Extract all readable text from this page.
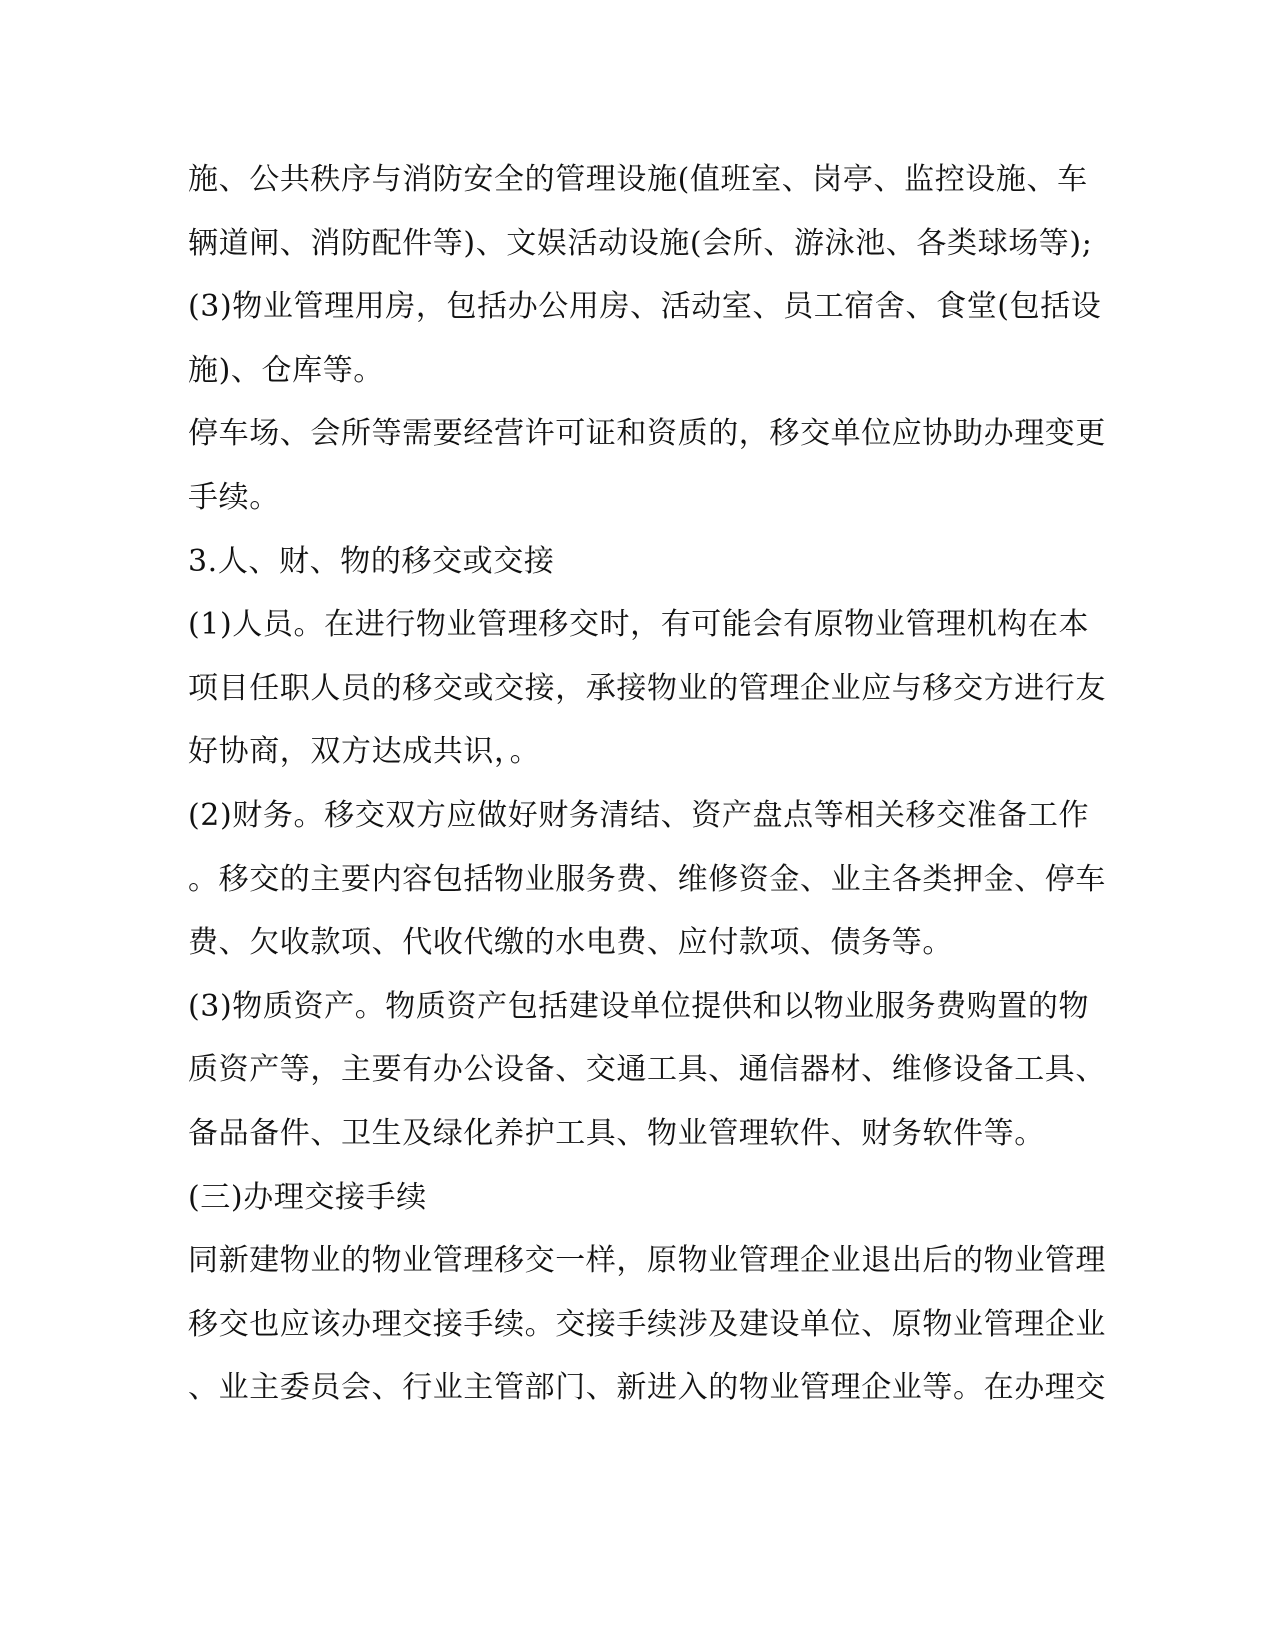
施、公共秩序与消防安全的管理设施(值班室、岗亭、监控设施、车
辆道闸、消防配件等)、文娱活动设施(会所、游泳池、各类球场等);
(3)物业管理用房，包括办公用房、活动室、员工宿舍、食堂(包括设
施)、仓库等。
停车场、会所等需要经营许可证和资质的，移交单位应协助办理变更
手续。
3.人、财、物的移交或交接
(1)人员。在进行物业管理移交时，有可能会有原物业管理机构在本
项目任职人员的移交或交接，承接物业的管理企业应与移交方进行友
好协商，双方达成共识，。
(2)财务。移交双方应做好财务清结、资产盘点等相关移交准备工作
。移交的主要内容包括物业服务费、维修资金、业主各类押金、停车
费、欠收款项、代收代缴的水电费、应付款项、债务等。
(3)物质资产。物质资产包括建设单位提供和以物业服务费购置的物
质资产等，主要有办公设备、交通工具、通信器材、维修设备工具、
备品备件、卫生及绿化养护工具、物业管理软件、财务软件等。
(三)办理交接手续
同新建物业的物业管理移交一样，原物业管理企业退出后的物业管理
移交也应该办理交接手续。交接手续涉及建设单位、原物业管理企业
、业主委员会、行业主管部门、新进入的物业管理企业等。在办理交
